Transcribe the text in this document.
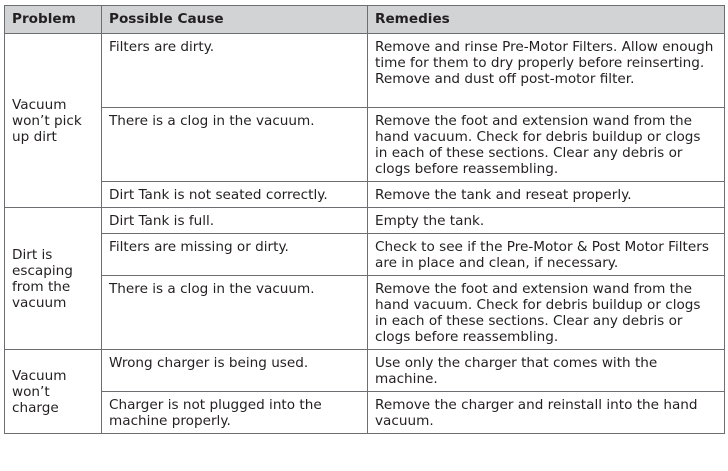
Problem	Possible Cause	Remedies
Vacuum won’t pick up dirt	Filters are dirty.	Remove and rinse Pre-Motor Filters. Allow enough time for them to dry properly before reinserting. Remove and dust off post-motor filter.
	There is a clog in the vacuum.	Remove the foot and extension wand from the hand vacuum. Check for debris buildup or clogs in each of these sections. Clear any debris or clogs before reassembling.
	Dirt Tank is not seated correctly.	Remove the tank and reseat properly.
Dirt is escaping from the vacuum	Dirt Tank is full.	Empty the tank.
	Filters are missing or dirty.	Check to see if the Pre-Motor & Post Motor Filters are in place and clean, if necessary.
	There is a clog in the vacuum.	Remove the foot and extension wand from the hand vacuum. Check for debris buildup or clogs in each of these sections. Clear any debris or clogs before reassembling.
Vacuum won’t charge	Wrong charger is being used.	Use only the charger that comes with the machine.
	Charger is not plugged into the machine properly.	Remove the charger and reinstall into the hand vacuum.
